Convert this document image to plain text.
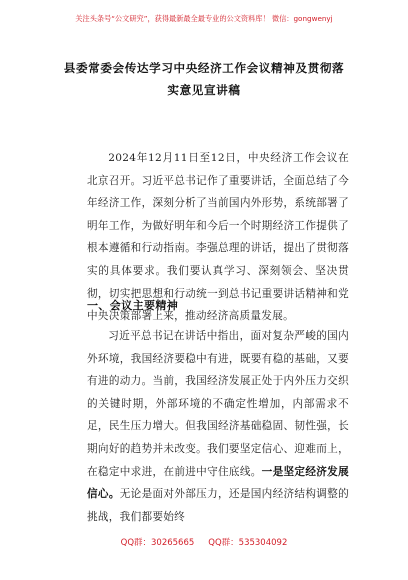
关注头条号“公文研究”，获得最新最全最专业的公文资料库！ 微信：gongwenyj
县委常委会传达学习中央经济工作会议精神及贯彻落实意见宣讲稿
2024年12月11日至12日，中央经济工作会议在北京召开。习近平总书记作了重要讲话，全面总结了今年经济工作，深刻分析了当前国内外形势，系统部署了明年工作，为做好明年和今后一个时期经济工作提供了根本遵循和行动指南。李强总理的讲话，提出了贯彻落实的具体要求。我们要认真学习、深刻领会、坚决贯彻，切实把思想和行动统一到总书记重要讲话精神和党中央决策部署上来，推动经济高质量发展。
一、会议主要精神
习近平总书记在讲话中指出，面对复杂严峻的国内外环境，我国经济要稳中有进，既要有稳的基础，又要有进的动力。当前，我国经济发展正处于内外压力交织的关键时期，外部环境的不确定性增加，内部需求不足，民生压力增大。但我国经济基础稳固、韧性强，长期向好的趋势并未改变。我们要坚定信心、迎难而上，在稳定中求进，在前进中守住底线。一是坚定经济发展信心。无论是面对外部压力，还是国内经济结构调整的挑战，我们都要始终
QQ群：30265665 QQ群：535304092
